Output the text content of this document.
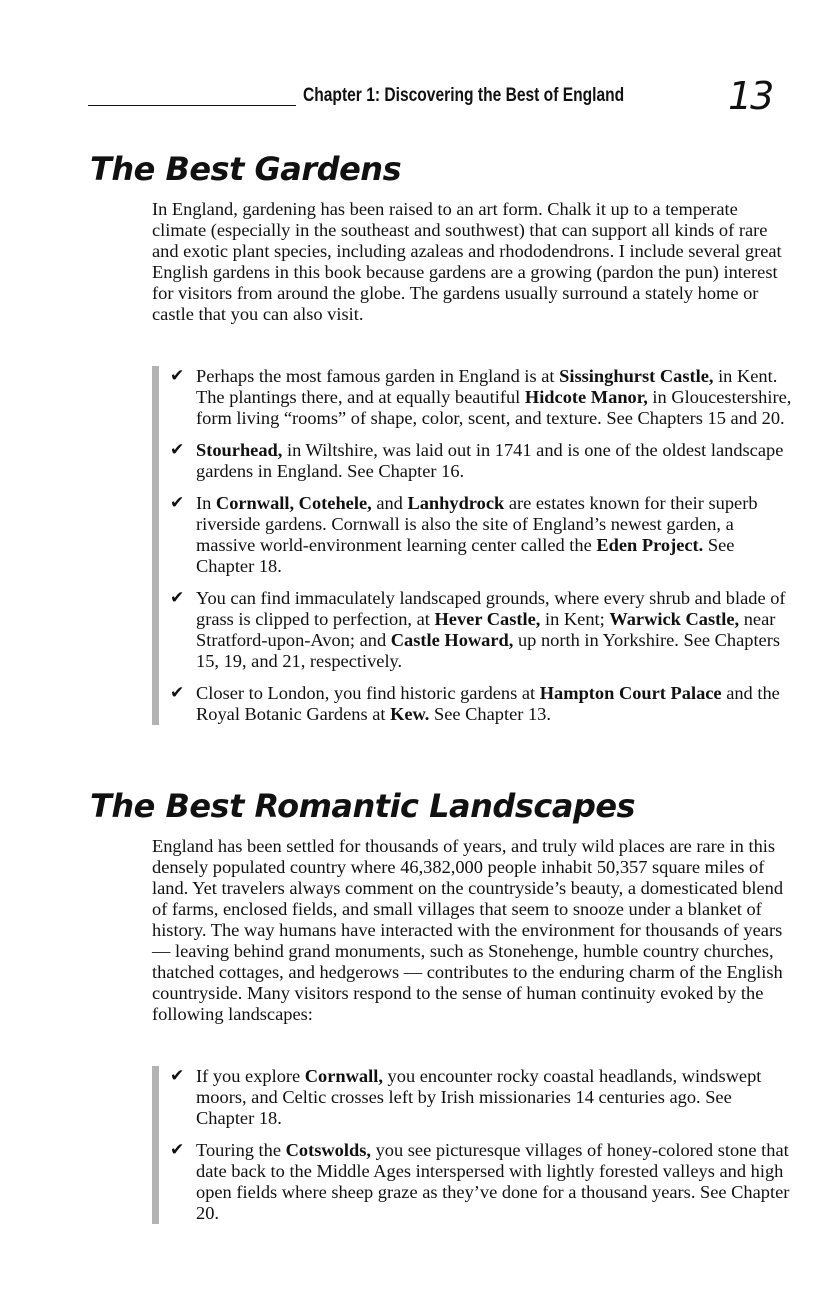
Chapter 1: Discovering the Best of England	13
The Best Gardens

In England, gardening has been raised to an art form. Chalk it up to a temperate climate (especially in the southeast and southwest) that can support all kinds of rare and exotic plant species, including azaleas and rhododendrons. I include several great English gardens in this book because gardens are a growing (pardon the pun) interest for visitors from around the globe. The gardens usually surround a stately home or castle that you can also visit.

✔ Perhaps the most famous garden in England is at Sissinghurst Castle, in Kent. The plantings there, and at equally beautiful Hidcote Manor, in Gloucestershire, form living “rooms” of shape, color, scent, and texture. See Chapters 15 and 20.
✔ Stourhead, in Wiltshire, was laid out in 1741 and is one of the oldest landscape gardens in England. See Chapter 16.
✔ In Cornwall, Cotehele, and Lanhydrock are estates known for their superb riverside gardens. Cornwall is also the site of England’s newest garden, a massive world-environment learning center called the Eden Project. See Chapter 18.
✔ You can find immaculately landscaped grounds, where every shrub and blade of grass is clipped to perfection, at Hever Castle, in Kent; Warwick Castle, near Stratford-upon-Avon; and Castle Howard, up north in Yorkshire. See Chapters 15, 19, and 21, respectively.
✔ Closer to London, you find historic gardens at Hampton Court Palace and the Royal Botanic Gardens at Kew. See Chapter 13.
The Best Romantic Landscapes

England has been settled for thousands of years, and truly wild places are rare in this densely populated country where 46,382,000 people inhabit 50,357 square miles of land. Yet travelers always comment on the countryside’s beauty, a domesticated blend of farms, enclosed fields, and small villages that seem to snooze under a blanket of history. The way humans have interacted with the environment for thousands of years — leaving behind grand monuments, such as Stonehenge, humble country churches, thatched cottages, and hedgerows — contributes to the enduring charm of the English countryside. Many visitors respond to the sense of human continuity evoked by the following landscapes:

✔ If you explore Cornwall, you encounter rocky coastal headlands, windswept moors, and Celtic crosses left by Irish missionaries 14 centuries ago. See Chapter 18.
✔ Touring the Cotswolds, you see picturesque villages of honey-colored stone that date back to the Middle Ages interspersed with lightly forested valleys and high open fields where sheep graze as they’ve done for a thousand years. See Chapter 20.
